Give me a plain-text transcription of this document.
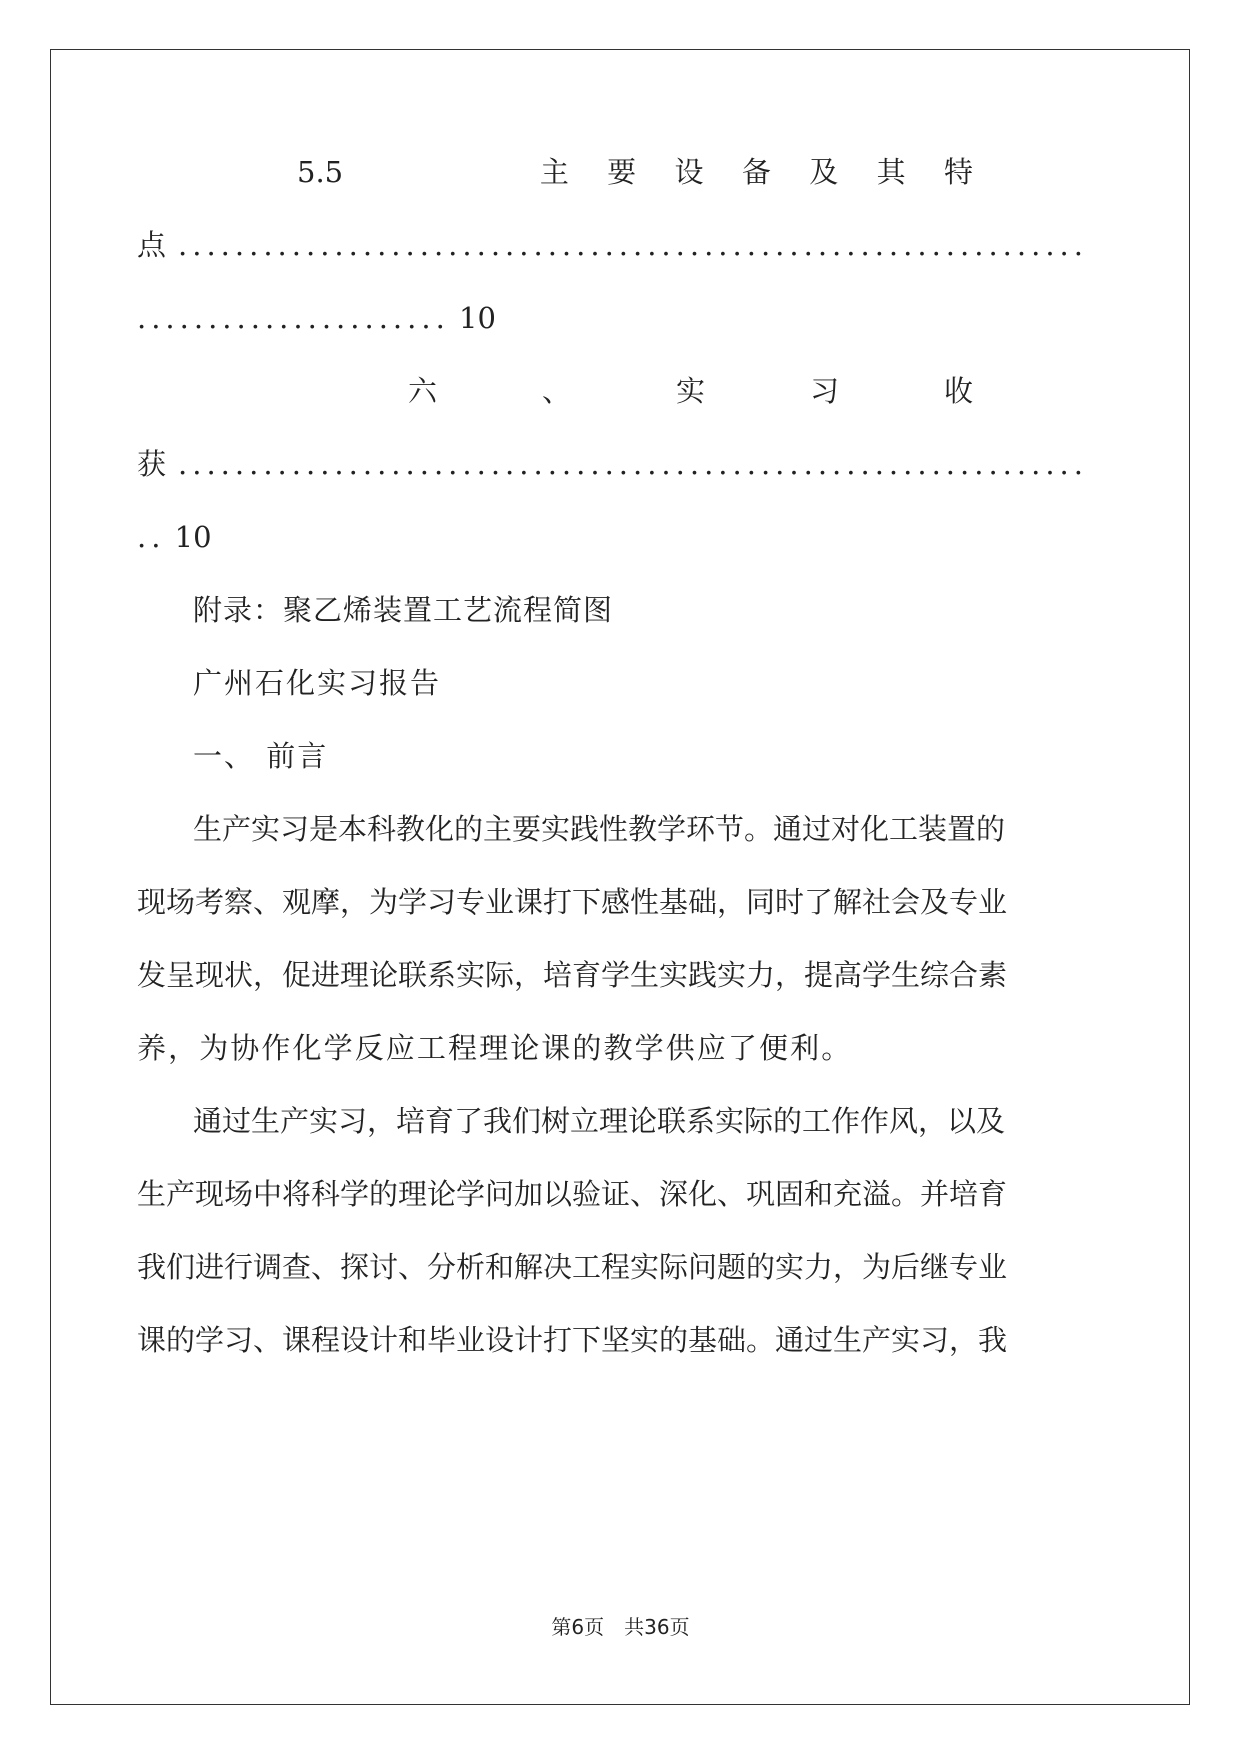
5.5	主 要 设 备 及 其 特
点 ................................................................
...................... 10
六	、	实	习	收
获 ................................................................
.. 10
附录：聚乙烯装置工艺流程简图
广州石化实习报告
一、 前言
生产实习是本科教化的主要实践性教学环节。通过对化工装置的
现场考察、观摩，为学习专业课打下感性基础，同时了解社会及专业
发呈现状，促进理论联系实际，培育学生实践实力，提高学生综合素
养，为协作化学反应工程理论课的教学供应了便利。
通过生产实习，培育了我们树立理论联系实际的工作作风，以及
生产现场中将科学的理论学问加以验证、深化、巩固和充溢。并培育
我们进行调查、探讨、分析和解决工程实际问题的实力，为后继专业
课的学习、课程设计和毕业设计打下坚实的基础。通过生产实习，我
第6页　共36页
